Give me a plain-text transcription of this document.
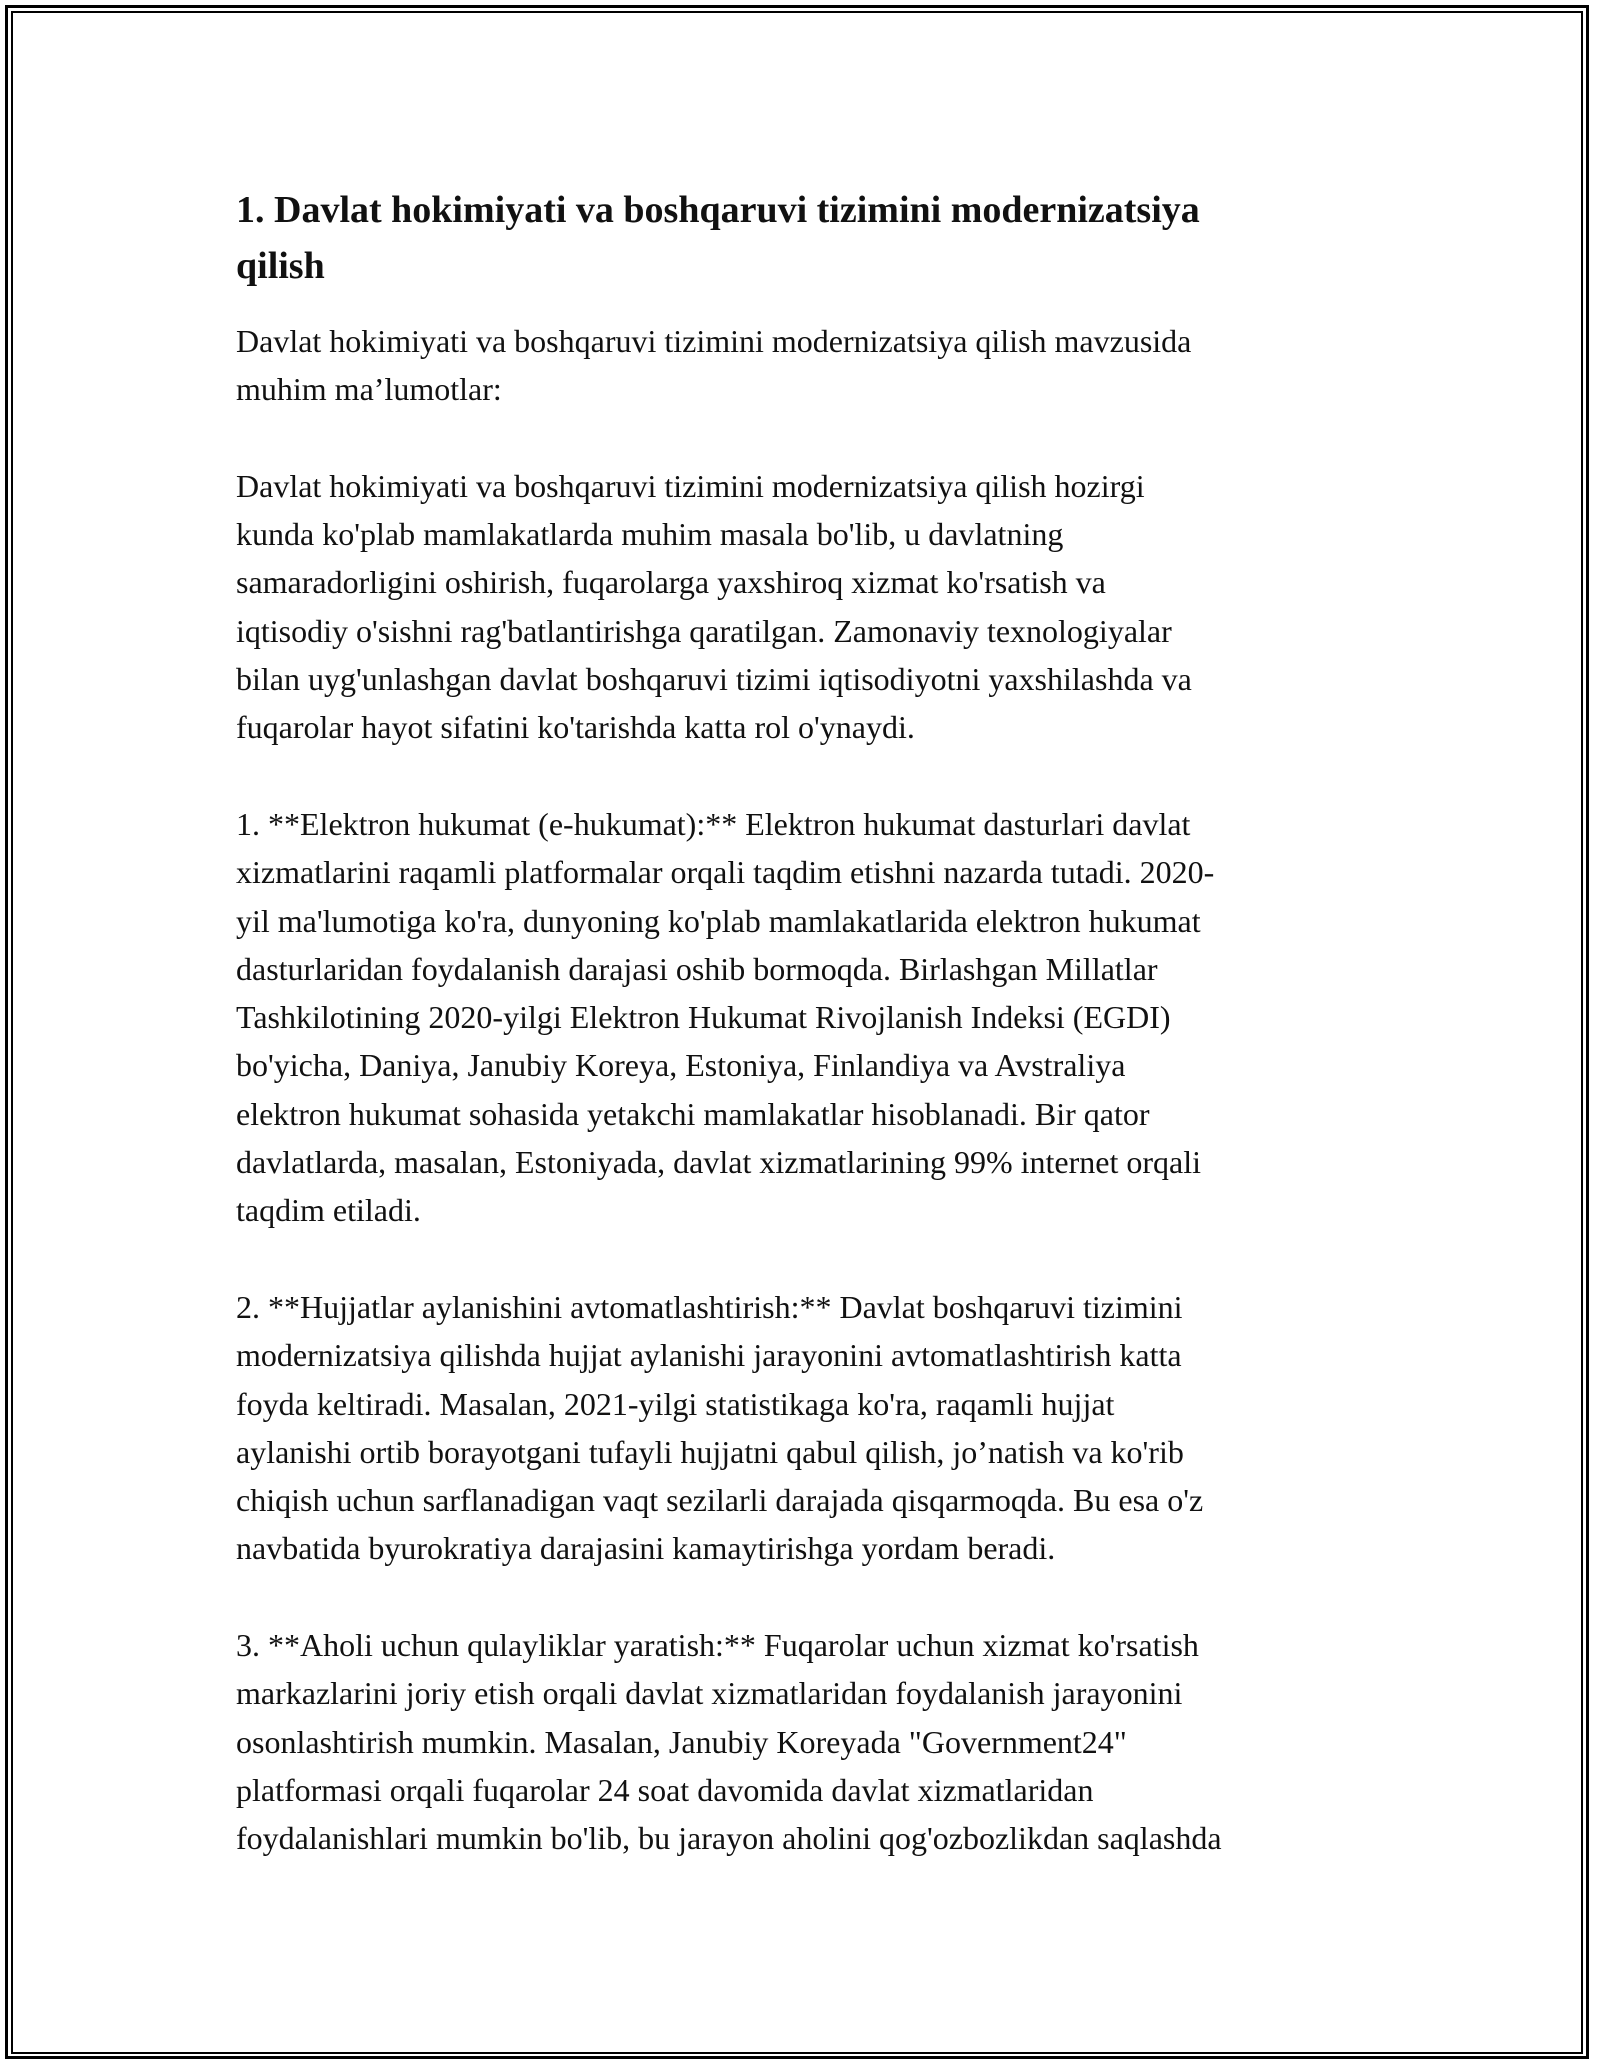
1. Davlat hokimiyati va boshqaruvi tizimini modernizatsiya
qilish
Davlat hokimiyati va boshqaruvi tizimini modernizatsiya qilish mavzusida
muhim ma’lumotlar:
Davlat hokimiyati va boshqaruvi tizimini modernizatsiya qilish hozirgi
kunda ko'plab mamlakatlarda muhim masala bo'lib, u davlatning
samaradorligini oshirish, fuqarolarga yaxshiroq xizmat ko'rsatish va
iqtisodiy o'sishni rag'batlantirishga qaratilgan. Zamonaviy texnologiyalar
bilan uyg'unlashgan davlat boshqaruvi tizimi iqtisodiyotni yaxshilashda va
fuqarolar hayot sifatini ko'tarishda katta rol o'ynaydi.
1. **Elektron hukumat (e-hukumat):** Elektron hukumat dasturlari davlat
xizmatlarini raqamli platformalar orqali taqdim etishni nazarda tutadi. 2020-
yil ma'lumotiga ko'ra, dunyoning ko'plab mamlakatlarida elektron hukumat
dasturlaridan foydalanish darajasi oshib bormoqda. Birlashgan Millatlar
Tashkilotining 2020-yilgi Elektron Hukumat Rivojlanish Indeksi (EGDI)
bo'yicha, Daniya, Janubiy Koreya, Estoniya, Finlandiya va Avstraliya
elektron hukumat sohasida yetakchi mamlakatlar hisoblanadi. Bir qator
davlatlarda, masalan, Estoniyada, davlat xizmatlarining 99% internet orqali
taqdim etiladi.
2. **Hujjatlar aylanishini avtomatlashtirish:** Davlat boshqaruvi tizimini
modernizatsiya qilishda hujjat aylanishi jarayonini avtomatlashtirish katta
foyda keltiradi. Masalan, 2021-yilgi statistikaga ko'ra, raqamli hujjat
aylanishi ortib borayotgani tufayli hujjatni qabul qilish, jo’natish va ko'rib
chiqish uchun sarflanadigan vaqt sezilarli darajada qisqarmoqda. Bu esa o'z
navbatida byurokratiya darajasini kamaytirishga yordam beradi.
3. **Aholi uchun qulayliklar yaratish:** Fuqarolar uchun xizmat ko'rsatish
markazlarini joriy etish orqali davlat xizmatlaridan foydalanish jarayonini
osonlashtirish mumkin. Masalan, Janubiy Koreyada "Government24"
platformasi orqali fuqarolar 24 soat davomida davlat xizmatlaridan
foydalanishlari mumkin bo'lib, bu jarayon aholini qog'ozbozlikdan saqlashda
